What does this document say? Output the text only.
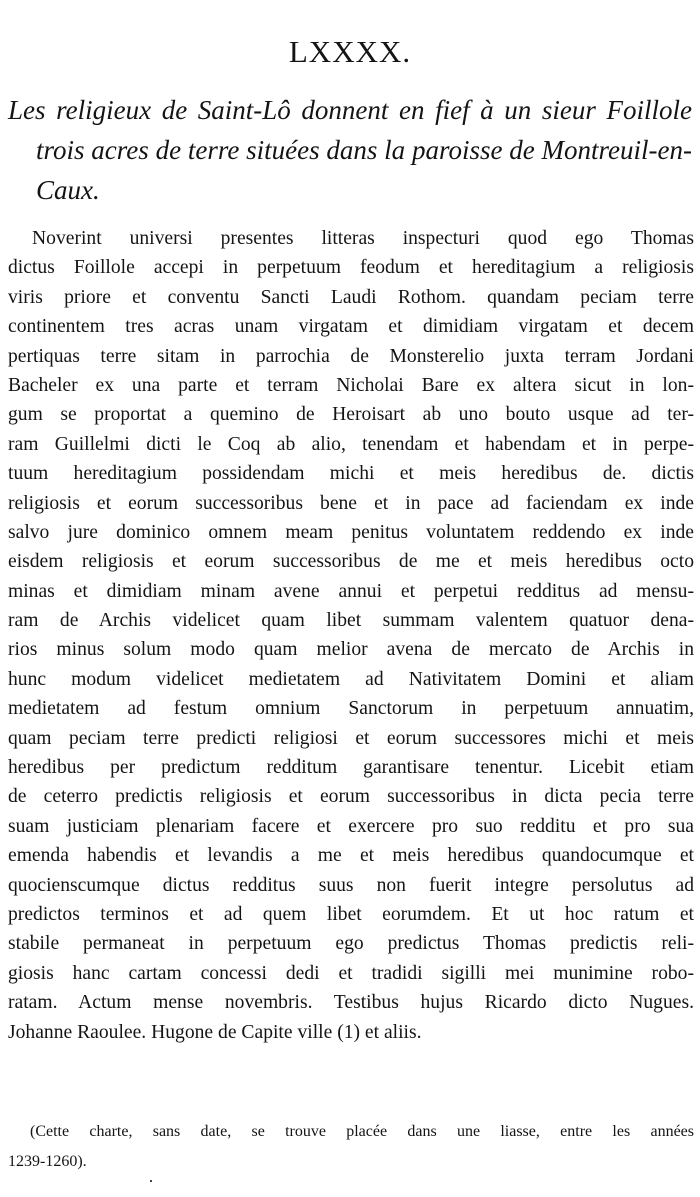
LXXXX.
Les religieux de Saint-Lô donnent en fief à un sieur Foillole
trois acres de terre situées dans la paroisse de Montreuil-en-
Caux.
Noverint universi presentes litteras inspecturi quod ego Thomas
dictus Foillole accepi in perpetuum feodum et hereditagium a religiosis
viris priore et conventu Sancti Laudi Rothom. quandam peciam terre
continentem tres acras unam virgatam et dimidiam virgatam et decem
pertiquas terre sitam in parrochia de Monsterelio juxta terram Jordani
Bacheler ex una parte et terram Nicholai Bare ex altera sicut in lon-
gum se proportat a quemino de Heroisart ab uno bouto usque ad ter-
ram Guillelmi dicti le Coq ab alio, tenendam et habendam et in perpe-
tuum hereditagium possidendam michi et meis heredibus de. dictis
religiosis et eorum successoribus bene et in pace ad faciendam ex inde
salvo jure dominico omnem meam penitus voluntatem reddendo ex inde
eisdem religiosis et eorum successoribus de me et meis heredibus octo
minas et dimidiam minam avene annui et perpetui redditus ad mensu-
ram de Archis videlicet quam libet summam valentem quatuor dena-
rios minus solum modo quam melior avena de mercato de Archis in
hunc modum videlicet medietatem ad Nativitatem Domini et aliam
medietatem ad festum omnium Sanctorum in perpetuum annuatim,
quam peciam terre predicti religiosi et eorum successores michi et meis
heredibus per predictum redditum garantisare tenentur. Licebit etiam
de ceterro predictis religiosis et eorum successoribus in dicta pecia terre
suam justiciam plenariam facere et exercere pro suo redditu et pro sua
emenda habendis et levandis a me et meis heredibus quandocumque et
quocienscumque dictus redditus suus non fuerit integre persolutus ad
predictos terminos et ad quem libet eorumdem. Et ut hoc ratum et
stabile permaneat in perpetuum ego predictus Thomas predictis reli-
giosis hanc cartam concessi dedi et tradidi sigilli mei munimine robo-
ratam. Actum mense novembris. Testibus hujus Ricardo dicto Nugues.
Johanne Raoulee. Hugone de Capite ville (1) et aliis.
(Cette charte, sans date, se trouve placée dans une liasse, entre les années
1239-1260).
